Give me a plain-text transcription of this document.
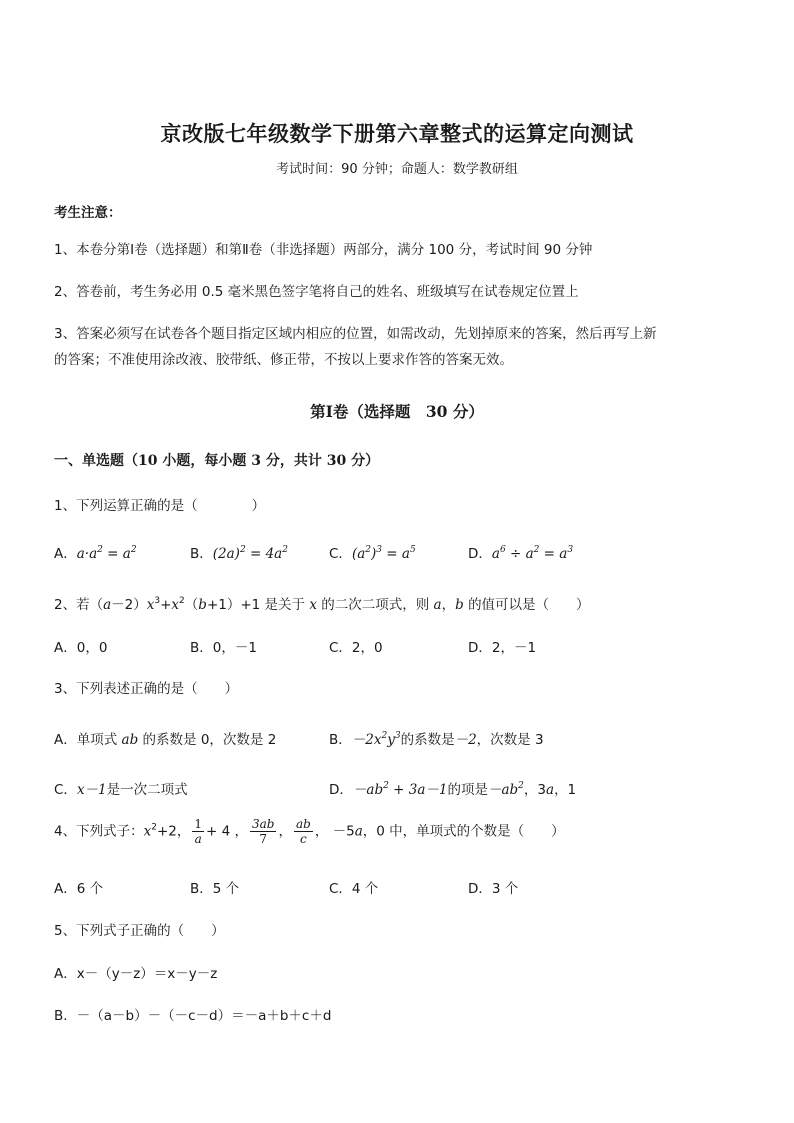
京改版七年级数学下册第六章整式的运算定向测试
考试时间：90 分钟；命题人：数学教研组
考生注意：
1、本卷分第Ⅰ卷（选择题）和第Ⅱ卷（非选择题）两部分，满分 100 分，考试时间 90 分钟
2、答卷前，考生务必用 0.5 毫米黑色签字笔将自己的姓名、班级填写在试卷规定位置上
3、答案必须写在试卷各个题目指定区域内相应的位置，如需改动，先划掉原来的答案，然后再写上新
的答案；不准使用涂改液、胶带纸、修正带，不按以上要求作答的答案无效。
第Ⅰ卷（选择题　30 分）
一、单选题（10 小题，每小题 3 分，共计 30 分）
1、下列运算正确的是（　　　　）
A．$a\cdot a^2 = a^2$	B．$(2a)^2 = 4a^2$	C．$(a^2)^3 = a^5$	D．$a^6 \div a^2 = a^3$
2、若$(a-2)x^3+x^2(b+1)+1$ 是关于 x 的二次二项式，则 a，b 的值可以是（　　）
A．0，0	B．0，－1	C．2，0	D．2，－1
3、下列表述正确的是（　　）
A．单项式 ab 的系数是 0，次数是 2	B．$-2x^2y^3$的系数是－2，次数是 3
C．x－1是一次二项式	D．$-ab^2 + 3a-1$的项是$-ab^2$，3a，1
4、下列式子：$x^2+2$， $\frac{1}{a} + 4$ ， $\frac{3ab}{7}$ ， $\frac{ab}{c}$ ， －5a，0 中，单项式的个数是（　　）
A．6 个	B．5 个	C．4 个	D．3 个
5、下列式子正确的（　　）
A．x－（y－z）＝x－y－z
B．－（a－b）－（－c－d）＝－a＋b＋c＋d
